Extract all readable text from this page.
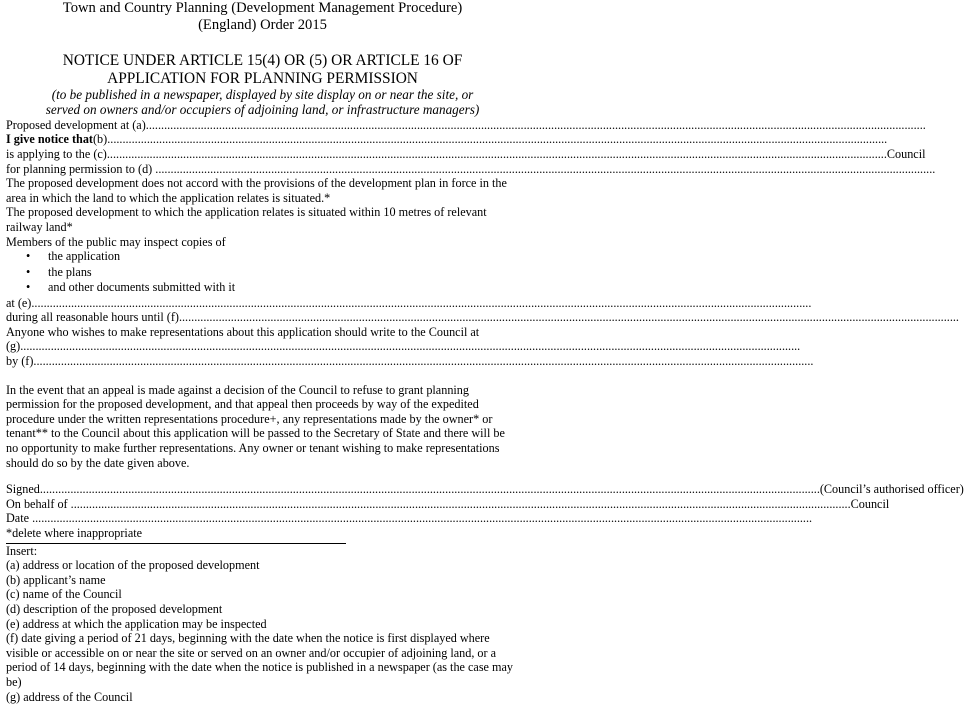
Town and Country Planning (Development Management Procedure)
(England) Order 2015
NOTICE UNDER ARTICLE 15(4) OR (5) OR ARTICLE 16 OF
APPLICATION FOR PLANNING PERMISSION
(to be published in a newspaper, displayed by site display on or near the site, or
served on owners and/or occupiers of adjoining land, or infrastructure managers)
Proposed development at (a) ................................................................................................................................................................................................................................................................
I give notice that (b) ................................................................................................................................................................................................................................................................
is applying to the (c) ................................................................................................................................................................................................................................................................ Council
for planning permission to (d) ................................................................................................................................................................................................................................................................
The proposed development does not accord with the provisions of the development plan in force in the area in which the land to which the application relates is situated.*
The proposed development to which the application relates is situated within 10 metres of relevant railway land*
Members of the public may inspect copies of
• the application
• the plans
• and other documents submitted with it
at (e) ................................................................................................................................................................................................................................................................
during all reasonable hours until (f) ................................................................................................................................................................................................................................................................
Anyone who wishes to make representations about this application should write to the Council at
(g) ................................................................................................................................................................................................................................................................
by (f) ................................................................................................................................................................................................................................................................
In the event that an appeal is made against a decision of the Council to refuse to grant planning permission for the proposed development, and that appeal then proceeds by way of the expedited procedure under the written representations procedure+, any representations made by the owner* or tenant** to the Council about this application will be passed to the Secretary of State and there will be no opportunity to make further representations. Any owner or tenant wishing to make representations should do so by the date given above.
Signed ................................................................................................................................................................................................................................................................ (Council’s authorised officer)
On behalf of ................................................................................................................................................................................................................................................................ Council
Date ................................................................................................................................................................................................................................................................
*delete where inappropriate
Insert:
(a) address or location of the proposed development
(b) applicant’s name
(c) name of the Council
(d) description of the proposed development
(e) address at which the application may be inspected
(f) date giving a period of 21 days, beginning with the date when the notice is first displayed where visible or accessible on or near the site or served on an owner and/or occupier of adjoining land, or a period of 14 days, beginning with the date when the notice is published in a newspaper (as the case may be)
(g) address of the Council
